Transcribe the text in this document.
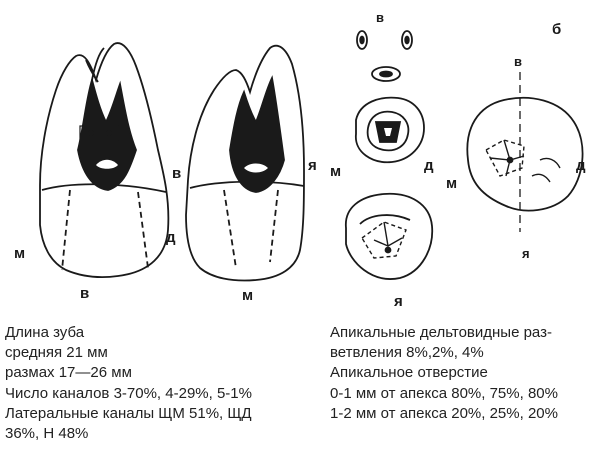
в
м
д
в	я
м
в
м	д
я
б
в
м
д
я

Длина зуба

средняя 21 мм

размах 17—26 мм

Число каналов 3-70%, 4-29%, 5-1%

Латеральные каналы ЩМ 51%, ЩД

36%, Н 48%

Апикальные дельтовидные раз-

ветвления 8%,2%, 4%

Апикальное отверстие

0-1 мм от апекса 80%, 75%, 80%

1-2 мм от апекса 20%, 25%, 20%
